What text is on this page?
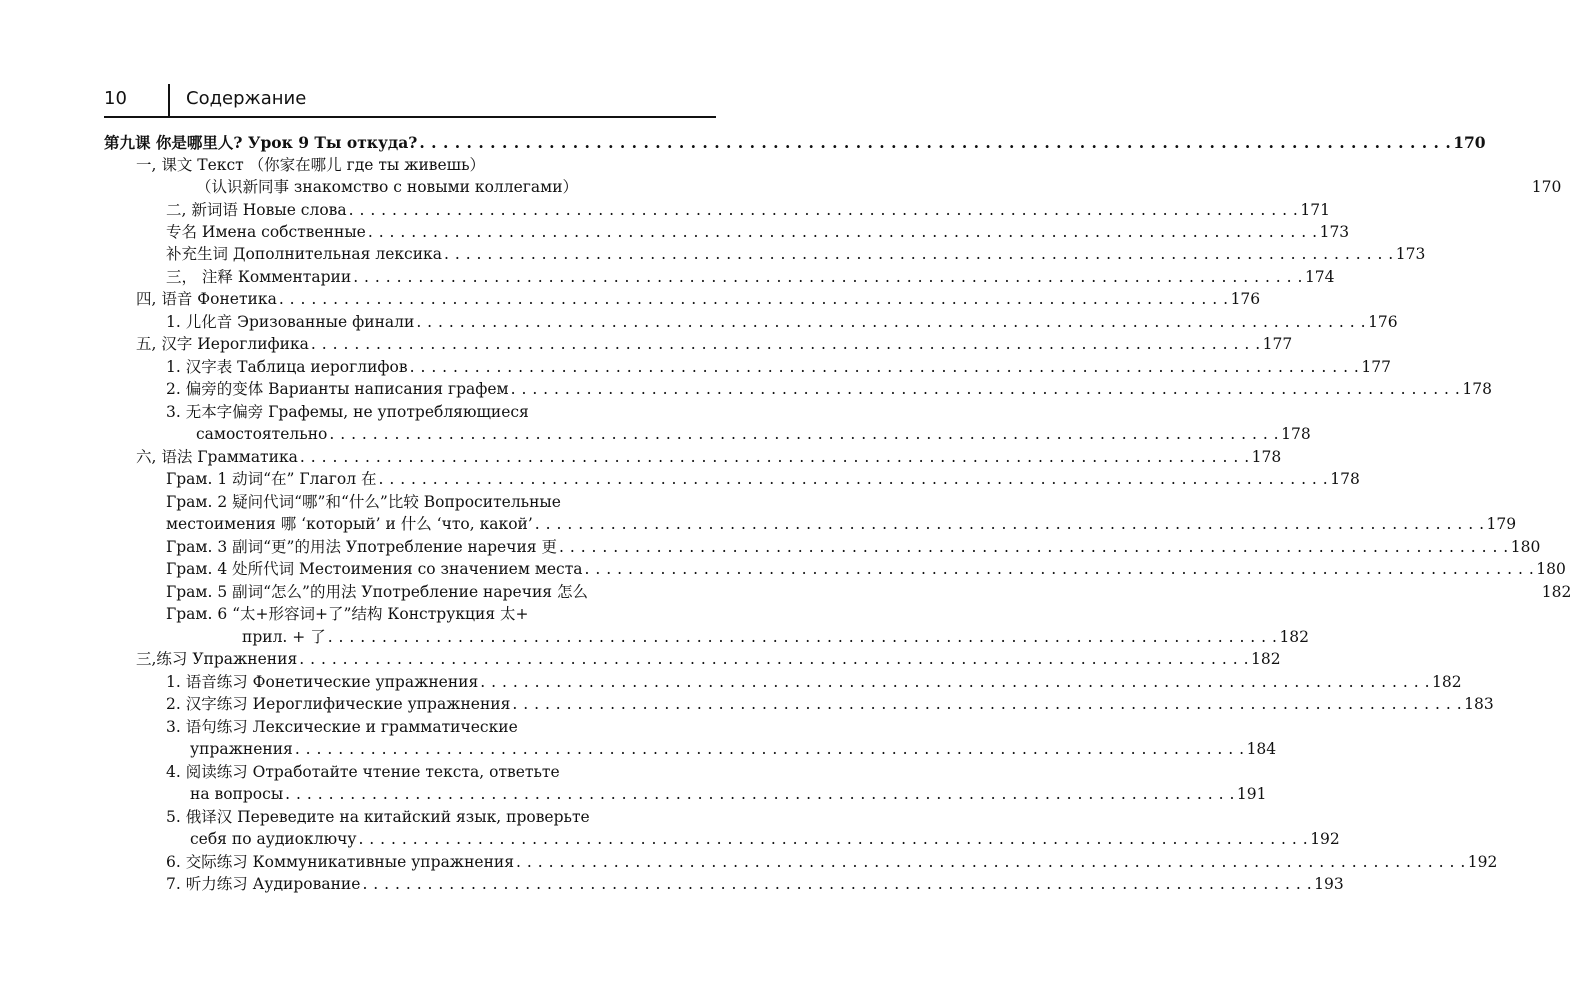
10	Содержание
第九课 你是哪里人? Урок 9 Ты откуда? . . .	170
一, 课文 Текст （你家在哪儿 где ты живешь）
（认识新同事 знакомство с новыми коллегами）	170
二, 新词语 Новые слова . . .	171
专名 Имена собственные . . .	173
补充生词 Дополнительная лексика . . .	173
三， 注释 Комментарии . . .	174
四, 语音 Фонетика . . .	176
1. 儿化音 Эризованные финали . . .	176
五, 汉字 Иероглифика . . .	177
1. 汉字表 Таблица иероглифов . . .	177
2. 偏旁的变体 Варианты написания графем . . .	178
3. 无本字偏旁 Графемы, не употребляющиеся
самостоятельно . . .	178
六, 语法 Грамматика . . .	178
Грам. 1 动词“在” Глагол 在 . . .	178
Грам. 2 疑问代词“哪”和“什么”比较 Вопросительные
местоимения 哪 ‘который’ и 什么 ‘что, какой’ . . .	179
Грам. 3 副词“更”的用法 Употребление наречия 更 . . .	180
Грам. 4 处所代词 Местоимения со значением места . . .	180
Грам. 5 副词“怎么”的用法 Употребление наречия 怎么	182
Грам. 6 “太+形容词+了”结构 Конструкция 太+
прил. + 了 . . .	182
三,练习 Упражнения . . .	182
1. 语音练习 Фонетические упражнения . . .	182
2. 汉字练习 Иероглифические упражнения . . .	183
3. 语句练习 Лексические и грамматические
упражнения . . .	184
4. 阅读练习 Отработайте чтение текста, ответьте
на вопросы . . .	191
5. 俄译汉 Переведите на китайский язык, проверьте
себя по аудиоключу . . .	192
6. 交际练习 Коммуникативные упражнения . . .	192
7. 听力练习 Аудирование . . .	193
